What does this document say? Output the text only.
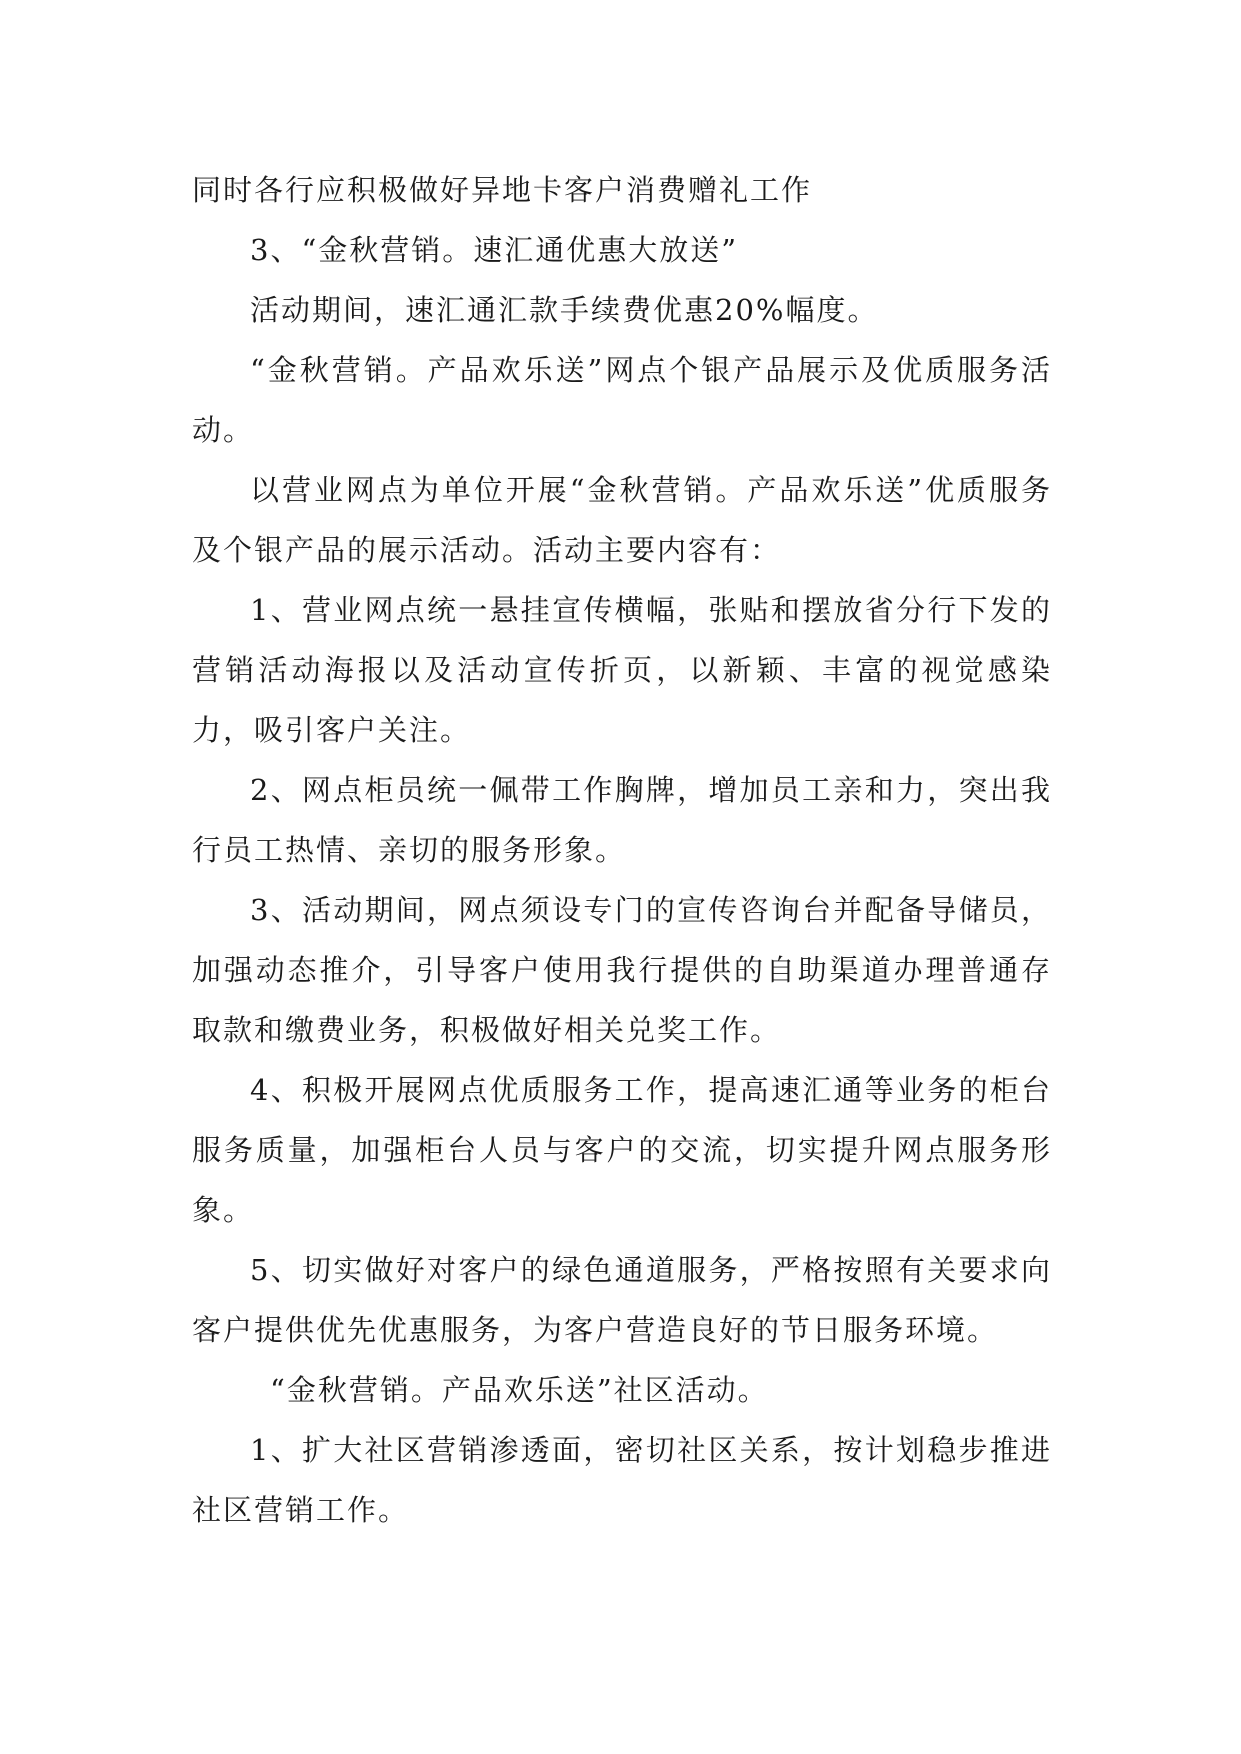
同时各行应积极做好异地卡客户消费赠礼工作

3、“金秋营销。速汇通优惠大放送”

活动期间，速汇通汇款手续费优惠20%幅度。

“金秋营销。产品欢乐送”网点个银产品展示及优质服务活动。

以营业网点为单位开展“金秋营销。产品欢乐送”优质服务及个银产品的展示活动。活动主要内容有：

1、营业网点统一悬挂宣传横幅，张贴和摆放省分行下发的营销活动海报以及活动宣传折页，以新颖、丰富的视觉感染力，吸引客户关注。

2、网点柜员统一佩带工作胸牌，增加员工亲和力，突出我行员工热情、亲切的服务形象。

3、活动期间，网点须设专门的宣传咨询台并配备导储员，加强动态推介，引导客户使用我行提供的自助渠道办理普通存取款和缴费业务，积极做好相关兑奖工作。

4、积极开展网点优质服务工作，提高速汇通等业务的柜台服务质量，加强柜台人员与客户的交流，切实提升网点服务形象。

5、切实做好对客户的绿色通道服务，严格按照有关要求向客户提供优先优惠服务，为客户营造良好的节日服务环境。

“金秋营销。产品欢乐送”社区活动。

1、扩大社区营销渗透面，密切社区关系，按计划稳步推进社区营销工作。
